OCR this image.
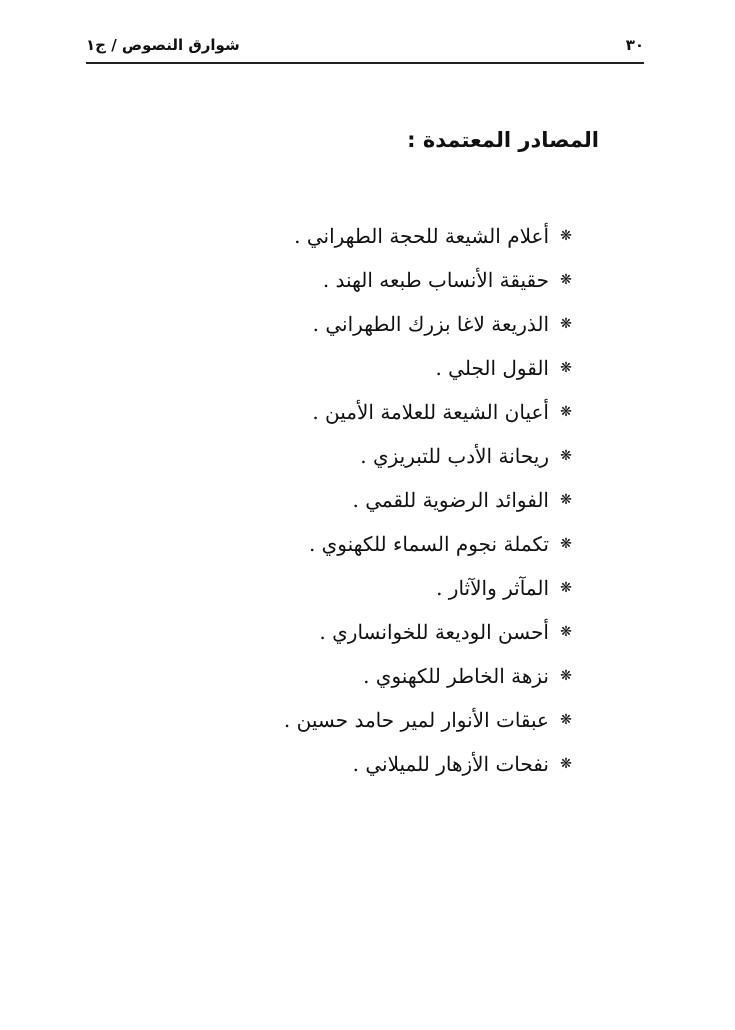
٣٠
شوارق النصوص / ج١
المصادر المعتمدة :
❋
أعلام الشيعة للحجة الطهراني .
❋
حقيقة الأنساب طبعه الهند .
❋
الذريعة لاغا بزرك الطهراني .
❋
القول الجلي .
❋
أعيان الشيعة للعلامة الأمين .
❋
ريحانة الأدب للتبريزي .
❋
الفوائد الرضوية للقمي .
❋
تكملة نجوم السماء للكهنوي .
❋
المآثر والآثار .
❋
أحسن الوديعة للخوانساري .
❋
نزهة الخاطر للكهنوي .
❋
عبقات الأنوار لمير حامد حسين .
❋
نفحات الأزهار للميلاني .
